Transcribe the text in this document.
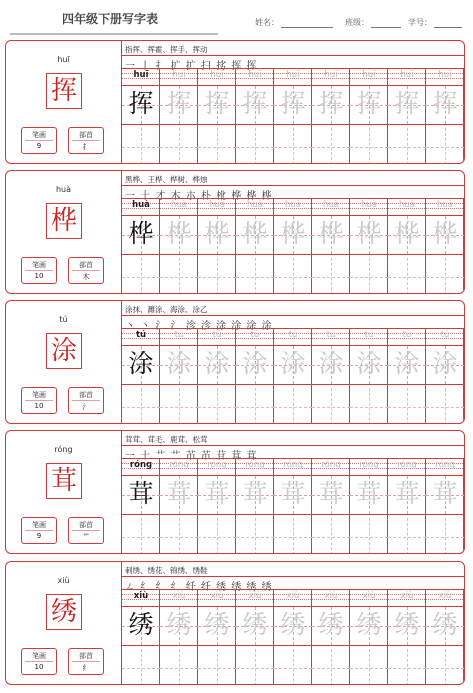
四年级下册写字表	姓名：	班级：	学号：
huī
挥
笔画
9
部首
扌
指挥、挥霍、挥手、挥动
一 丨 扌 扩 扩 扫 挘 挥 挥
huī
挥
huī
挥
huī
挥
huī
挥
huī
挥
huī
挥
huī
挥
huī
挥
huī
挥
huà
桦
笔画
10
部首
木
黑桦、王桦、桦树、桦烛
一 十 才 木 朩 朴 杹 桦 桦 桦
huà
桦
huà
桦
huà
桦
huà
桦
huà
桦
huà
桦
huà
桦
huà
桦
huà
桦
tú
涂
笔画
10
部首
氵
涂抹、濉涂、海涂、涂乙
丶 丶 氵 氵 沴 沴 涂 涂 涂 涂
tú
涂
tú
涂
tú
涂
tú
涂
tú
涂
tú
涂
tú
涂
tú
涂
tú
涂
róng
茸
笔画
9
部首
艹
茸茸、茸毛、鹿茸、松茸
一 十 艹 艹 芇 芇 苷 茸 茸
róng
茸
róng
茸
róng
茸
róng
茸
róng
茸
róng
茸
róng
茸
róng
茸
róng
茸
xiù
绣
笔画
10
部首
纟
刺绣、绣花、锦绣、绣鞋
ㄥ 纟 纟 纟 纤 纤 绣 绣 绣 绣
xiù
绣
xiù
绣
xiù
绣
xiù
绣
xiù
绣
xiù
绣
xiù
绣
xiù
绣
xiù
绣
